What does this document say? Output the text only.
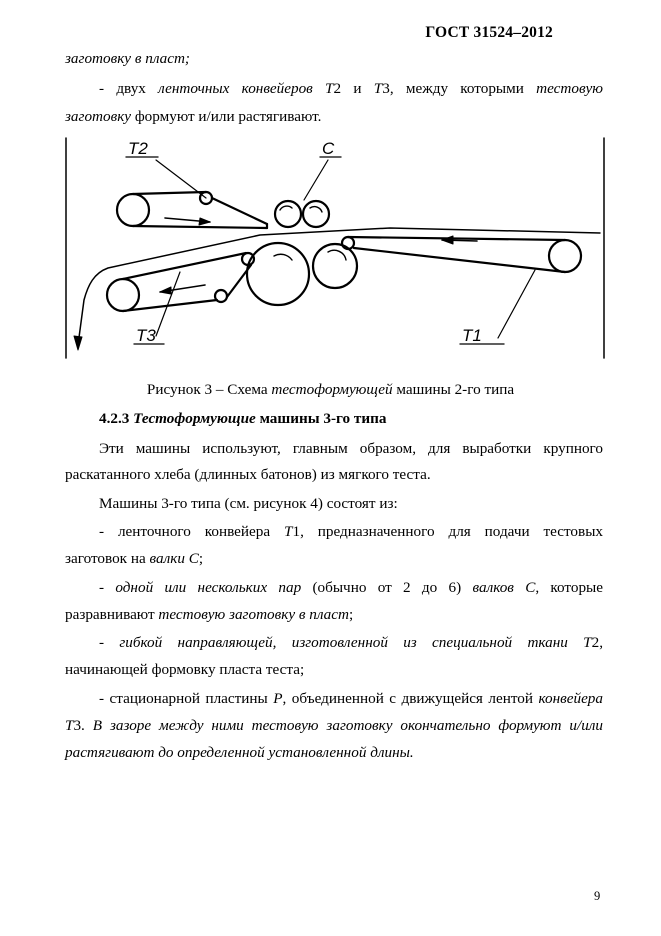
ГОСТ 31524–2012
заготовку в пласт;
- двух ленточных конвейеров Т2 и Т3, между которыми тестовую
заготовку формуют и/или растягивают.
T2	C
T3	T1
Рисунок 3 – Схема тестоформующей машины 2-го типа
4.2.3 Тестоформующие машины 3-го типа
Эти машины используют, главным образом, для выработки крупного
раскатанного хлеба (длинных батонов) из мягкого теста.
Машины 3-го типа (см. рисунок 4) состоят из:
- ленточного конвейера Т1, предназначенного для подачи тестовых
заготовок на валки С;
- одной или нескольких пар (обычно от 2 до 6) валков С, которые
разравнивают тестовую заготовку в пласт;
- гибкой направляющей, изготовленной из специальной ткани Т2,
начинающей формовку пласта теста;
- стационарной пластины Р, объединенной с движущейся лентой конвейера
Т3. В зазоре между ними тестовую заготовку окончательно формуют и/или
растягивают до определенной установленной длины.
9
